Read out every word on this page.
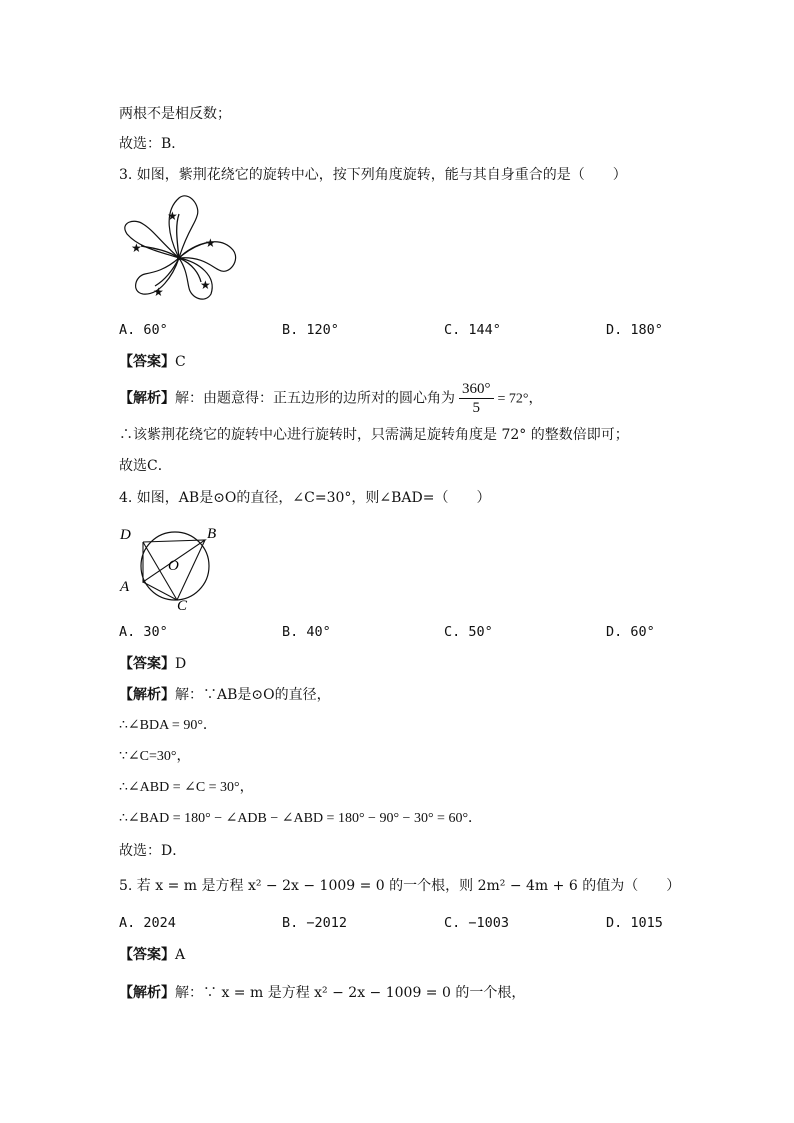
两根不是相反数；
故选：B．
3. 如图，紫荆花绕它的旋转中心，按下列角度旋转，能与其自身重合的是（　　）
★
★
★
★
★
A. 60°	B. 120°	C. 144°	D. 180°
【答案】C
【解析】解：由题意得：正五边形的边所对的圆心角为 $\frac{360^\circ}{5} = 72^\circ$，
∴该紫荆花绕它的旋转中心进行旋转时，只需满足旋转角度是 72° 的整数倍即可；
故选C．
4. 如图，AB是⊙O的直径，∠C=30°，则∠BAD=（　　）
D	B
O
A
C
A. 30°	B. 40°	C. 50°	D. 60°
【答案】D
【解析】解：∵AB是⊙O的直径，
∴∠BDA = 90°．
∵∠C=30°，
∴∠ABD = ∠C = 30°，
∴∠BAD = 180° − ∠ADB − ∠ABD = 180° − 90° − 30° = 60°．
故选：D．
5. 若 x = m 是方程 x² − 2x − 1009 = 0 的一个根，则 2m² − 4m + 6 的值为（　　）
A. 2024	B. −2012	C. −1003	D. 1015
【答案】A
【解析】解：∵ x = m 是方程 x² − 2x − 1009 = 0 的一个根，
